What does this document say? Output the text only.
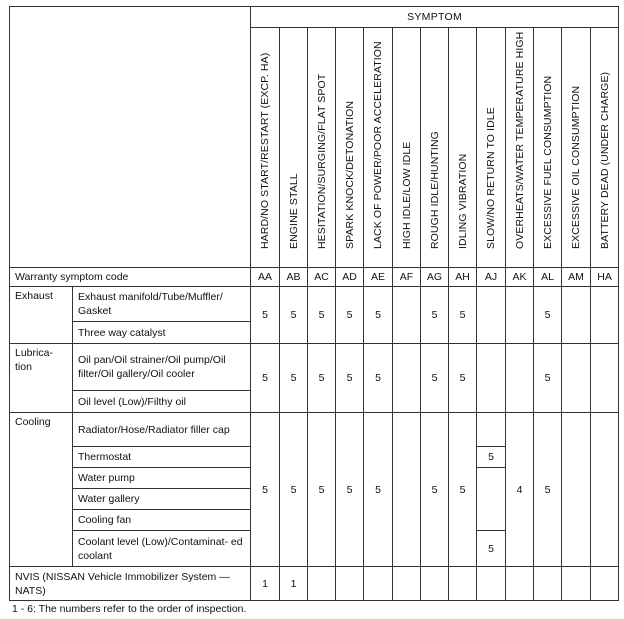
		SYMPTOM												

		HARD/NO START/RESTART (EXCP. HA)	ENGINE STALL	HESITATION/SURGING/FLAT SPOT	SPARK KNOCK/DETONATION	LACK OF POWER/POOR ACCELERATION	HIGH IDLE/LOW IDLE	ROUGH IDLE/HUNTING	IDLING VIBRATION	SLOW/NO RETURN TO IDLE	OVERHEATS/WATER TEMPERATURE HIGH	EXCESSIVE FUEL CONSUMPTION	EXCESSIVE OIL CONSUMPTION	BATTERY DEAD (UNDER CHARGE)

Warranty symptom code		AA	AB	AC	AD	AE	AF	AG	AH	AJ	AK	AL	AM	HA
Exhaust	Exhaust manifold/Tube/Muffler/ Gasket	5	5	5	5	5		5	5			5		
	Three way catalyst													
Lubrica- tion	Oil pan/Oil strainer/Oil pump/Oil filter/Oil gallery/Oil cooler	5	5	5	5	5		5	5			5		
	Oil level (Low)/Filthy oil													
Cooling	Radiator/Hose/Radiator filler cap	5	5	5	5	5		5	5		4	5		
	Thermostat									5				
	Water pump													
	Water gallery													
	Cooling fan													
	Coolant level (Low)/Contaminat- ed coolant									5				
NVIS (NISSAN Vehicle Immobilizer System — NATS)		1	1											
1 - 6: The numbers refer to the order of inspection.
